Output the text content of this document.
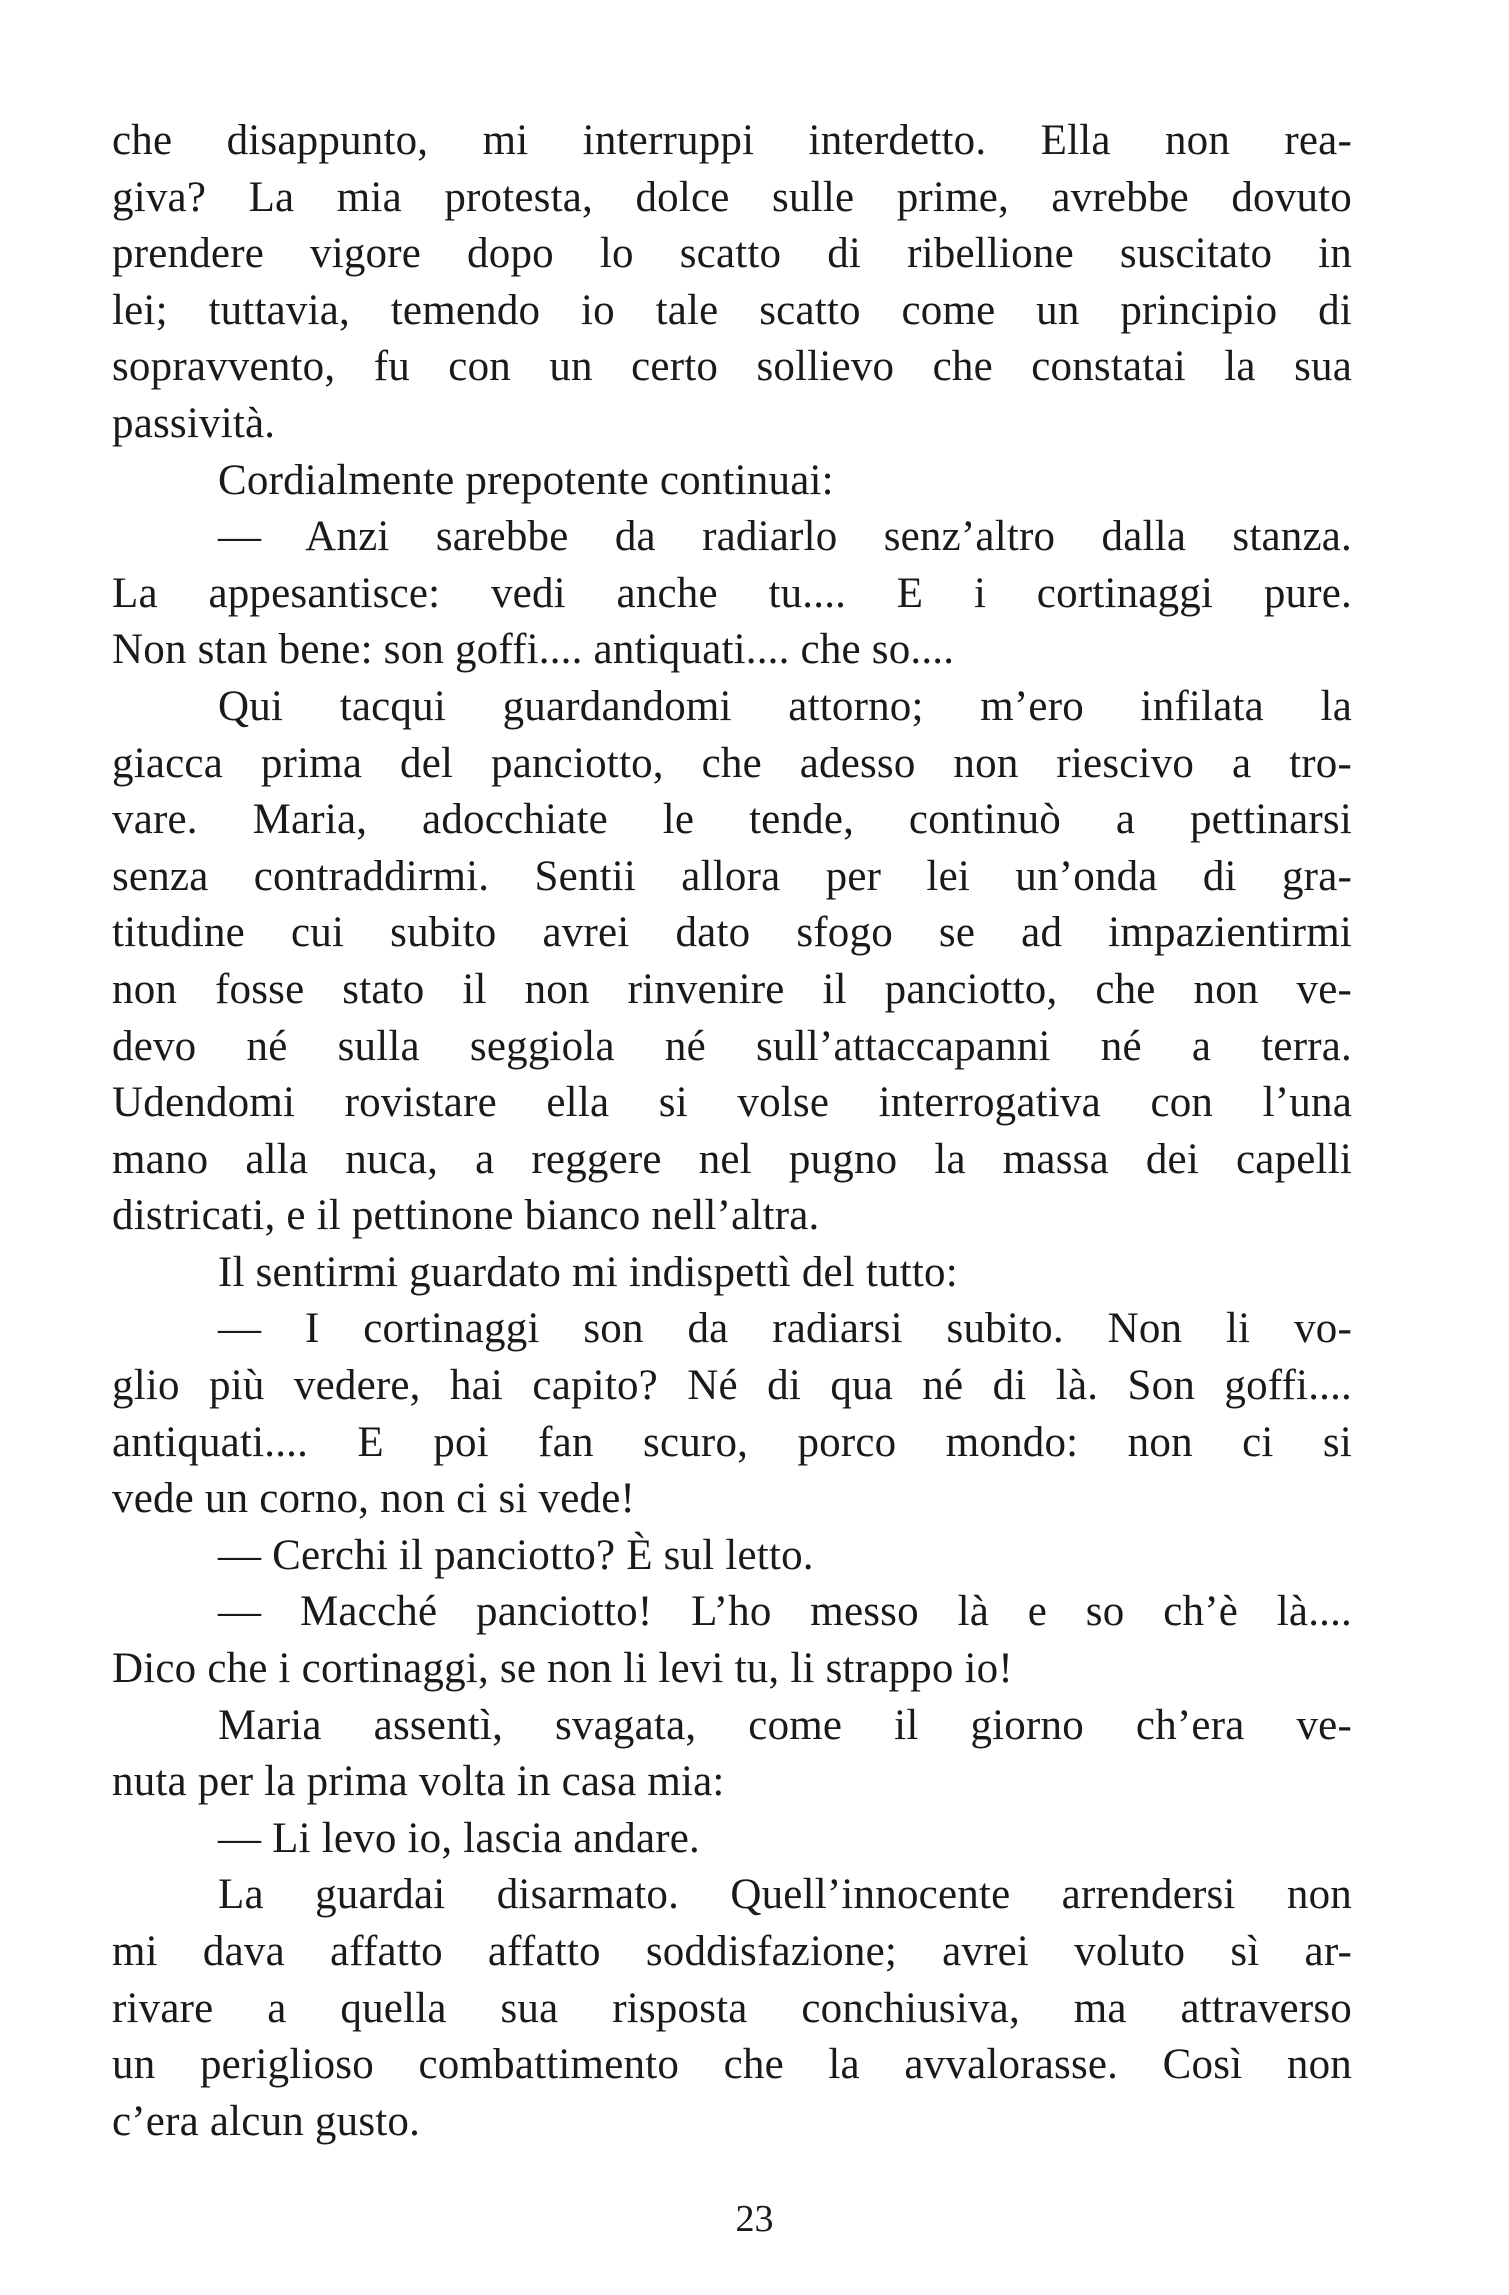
che disappunto, mi interruppi interdetto. Ella non rea-
giva? La mia protesta, dolce sulle prime, avrebbe dovuto
prendere vigore dopo lo scatto di ribellione suscitato in
lei; tuttavia, temendo io tale scatto come un principio di
sopravvento, fu con un certo sollievo che constatai la sua
passività.
Cordialmente prepotente continuai:
— Anzi sarebbe da radiarlo senz’altro dalla stanza.
La appesantisce: vedi anche tu.... E i cortinaggi pure.
Non stan bene: son goffi.... antiquati.... che so....
Qui tacqui guardandomi attorno; m’ero infilata la
giacca prima del panciotto, che adesso non riescivo a tro-
vare. Maria, adocchiate le tende, continuò a pettinarsi
senza contraddirmi. Sentii allora per lei un’onda di gra-
titudine cui subito avrei dato sfogo se ad impazientirmi
non fosse stato il non rinvenire il panciotto, che non ve-
devo né sulla seggiola né sull’attaccapanni né a terra.
Udendomi rovistare ella si volse interrogativa con l’una
mano alla nuca, a reggere nel pugno la massa dei capelli
districati, e il pettinone bianco nell’altra.
Il sentirmi guardato mi indispettì del tutto:
— I cortinaggi son da radiarsi subito. Non li vo-
glio più vedere, hai capito? Né di qua né di là. Son goffi....
antiquati.... E poi fan scuro, porco mondo: non ci si
vede un corno, non ci si vede!
— Cerchi il panciotto? È sul letto.
— Macché panciotto! L’ho messo là e so ch’è là....
Dico che i cortinaggi, se non li levi tu, li strappo io!
Maria assentì, svagata, come il giorno ch’era ve-
nuta per la prima volta in casa mia:
— Li levo io, lascia andare.
La guardai disarmato. Quell’innocente arrendersi non
mi dava affatto affatto soddisfazione; avrei voluto sì ar-
rivare a quella sua risposta conchiusiva, ma attraverso
un periglioso combattimento che la avvalorasse. Così non
c’era alcun gusto.
23
